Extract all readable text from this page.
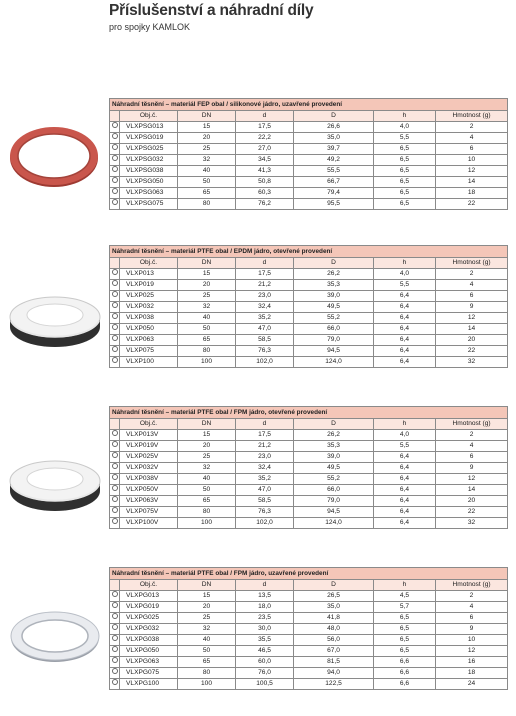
Příslušenství a náhradní díly
pro spojky KAMLOK
Náhradní těsnění – materiál FEP obal / silikonové jádro, uzavřené provedení						
	Obj.č.	DN	d	D	h	Hmotnost (g)
	VLXPSG013	15	17,5	26,6	4,0	2
	VLXPSG019	20	22,2	35,0	5,5	4
	VLXPSG025	25	27,0	39,7	6,5	6
	VLXPSG032	32	34,5	49,2	6,5	10
	VLXPSG038	40	41,3	55,5	6,5	12
	VLXPSG050	50	50,8	66,7	6,5	14
	VLXPSG063	65	60,3	79,4	6,5	18
	VLXPSG075	80	76,2	95,5	6,5	22
Náhradní těsnění – materiál PTFE obal / EPDM jádro, otevřené provedení						
	Obj.č.	DN	d	D	h	Hmotnost (g)
	VLXP013	15	17,5	26,2	4,0	2
	VLXP019	20	21,2	35,3	5,5	4
	VLXP025	25	23,0	39,0	6,4	6
	VLXP032	32	32,4	49,5	6,4	9
	VLXP038	40	35,2	55,2	6,4	12
	VLXP050	50	47,0	66,0	6,4	14
	VLXP063	65	58,5	79,0	6,4	20
	VLXP075	80	76,3	94,5	6,4	22
	VLXP100	100	102,0	124,0	6,4	32
Náhradní těsnění – materiál PTFE obal / FPM jádro, otevřené provedení						
	Obj.č.	DN	d	D	h	Hmotnost (g)
	VLXP013V	15	17,5	26,2	4,0	2
	VLXP019V	20	21,2	35,3	5,5	4
	VLXP025V	25	23,0	39,0	6,4	6
	VLXP032V	32	32,4	49,5	6,4	9
	VLXP038V	40	35,2	55,2	6,4	12
	VLXP050V	50	47,0	66,0	6,4	14
	VLXP063V	65	58,5	79,0	6,4	20
	VLXP075V	80	76,3	94,5	6,4	22
	VLXP100V	100	102,0	124,0	6,4	32
Náhradní těsnění – materiál PTFE obal / FPM jádro, uzavřené provedení						
	Obj.č.	DN	d	D	h	Hmotnost (g)
	VLXPG013	15	13,5	26,5	4,5	2
	VLXPG019	20	18,0	35,0	5,7	4
	VLXPG025	25	23,5	41,8	6,5	6
	VLXPG032	32	30,0	48,0	6,5	9
	VLXPG038	40	35,5	56,0	6,5	10
	VLXPG050	50	46,5	67,0	6,5	12
	VLXPG063	65	60,0	81,5	6,6	16
	VLXPG075	80	76,0	94,0	6,6	18
	VLXPG100	100	100,5	122,5	6,6	24
